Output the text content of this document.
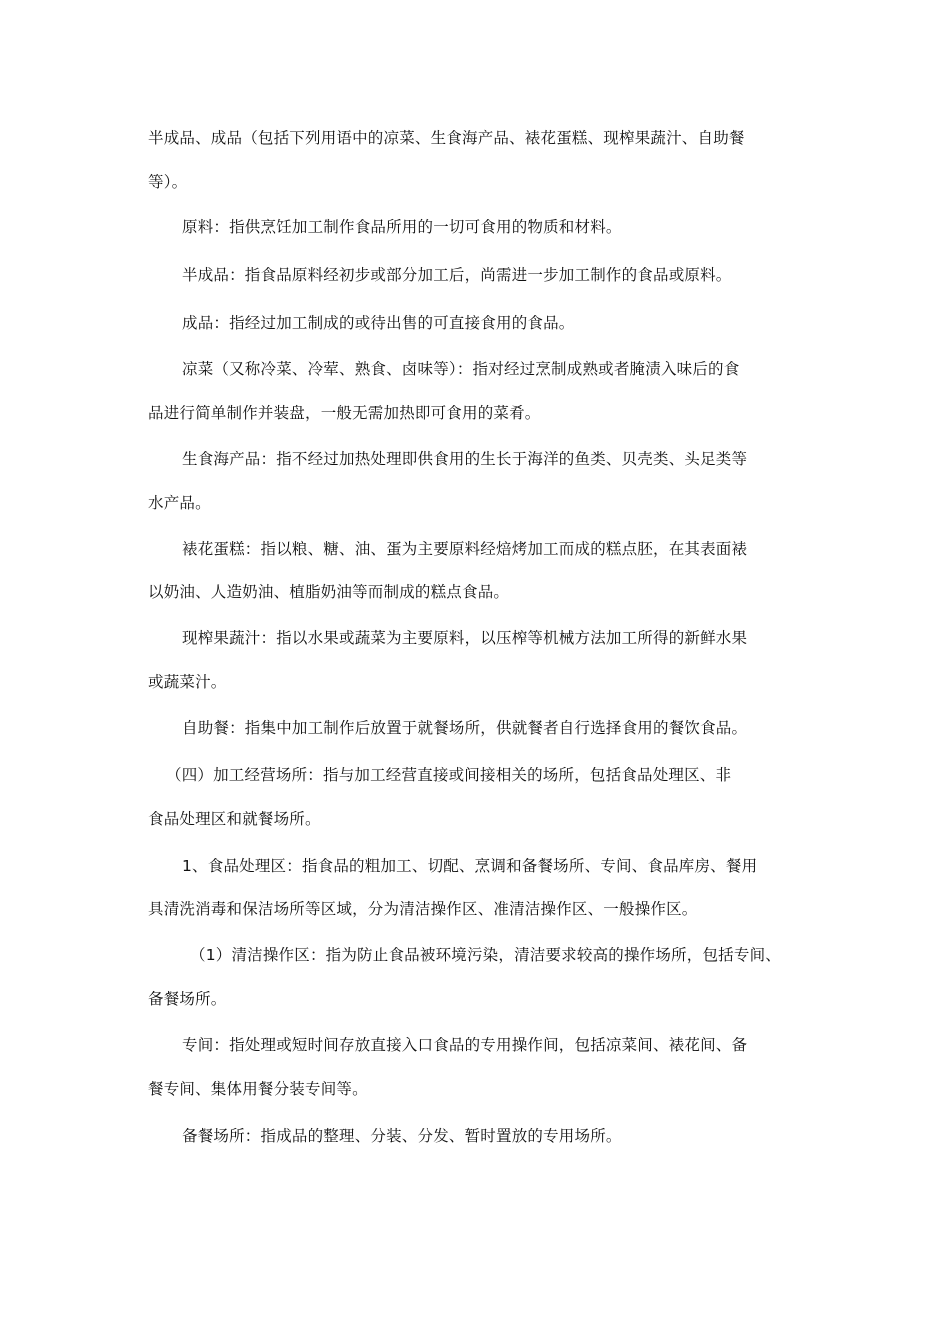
半成品、成品（包括下列用语中的凉菜、生食海产品、裱花蛋糕、现榨果蔬汁、自助餐
等）。
原料：指供烹饪加工制作食品所用的一切可食用的物质和材料。
半成品：指食品原料经初步或部分加工后，尚需进一步加工制作的食品或原料。
成品：指经过加工制成的或待出售的可直接食用的食品。
凉菜（又称冷菜、冷荤、熟食、卤味等）：指对经过烹制成熟或者腌渍入味后的食
品进行简单制作并装盘，一般无需加热即可食用的菜肴。
生食海产品：指不经过加热处理即供食用的生长于海洋的鱼类、贝壳类、头足类等
水产品。
裱花蛋糕：指以粮、糖、油、蛋为主要原料经焙烤加工而成的糕点胚，在其表面裱
以奶油、人造奶油、植脂奶油等而制成的糕点食品。
现榨果蔬汁：指以水果或蔬菜为主要原料，以压榨等机械方法加工所得的新鲜水果
或蔬菜汁。
自助餐：指集中加工制作后放置于就餐场所，供就餐者自行选择食用的餐饮食品。
（四）加工经营场所：指与加工经营直接或间接相关的场所，包括食品处理区、非
食品处理区和就餐场所。
1、食品处理区：指食品的粗加工、切配、烹调和备餐场所、专间、食品库房、餐用
具清洗消毒和保洁场所等区域，分为清洁操作区、准清洁操作区、一般操作区。
（1）清洁操作区：指为防止食品被环境污染，清洁要求较高的操作场所，包括专间、
备餐场所。
专间：指处理或短时间存放直接入口食品的专用操作间，包括凉菜间、裱花间、备
餐专间、集体用餐分装专间等。
备餐场所：指成品的整理、分装、分发、暂时置放的专用场所。
